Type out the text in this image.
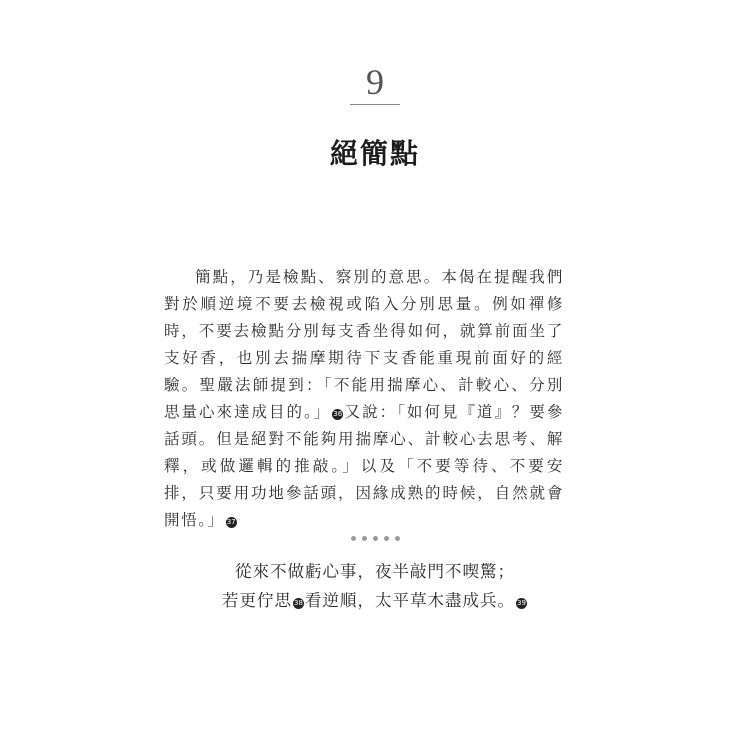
9
絕簡點

簡點，乃是檢點、察別的意思。本偈在提醒我們對於順逆境不要去檢視或陷入分別思量。例如禪修時，不要去檢點分別每支香坐得如何，就算前面坐了支好香，也別去揣摩期待下支香能重現前面好的經驗。聖嚴法師提到：「不能用揣摩心、計較心、分別思量心來達成目的。」 36 又說：「如何見『道』？要參話頭。但是絕對不能夠用揣摩心、計較心去思考、解釋，或做邏輯的推敲。」以及「不要等待、不要安排，只要用功地參話頭，因緣成熟的時候，自然就會開悟。」 37

從來不做虧心事，夜半敲門不喫驚；
若更佇思 38 看逆順，太平草木盡成兵。 39
